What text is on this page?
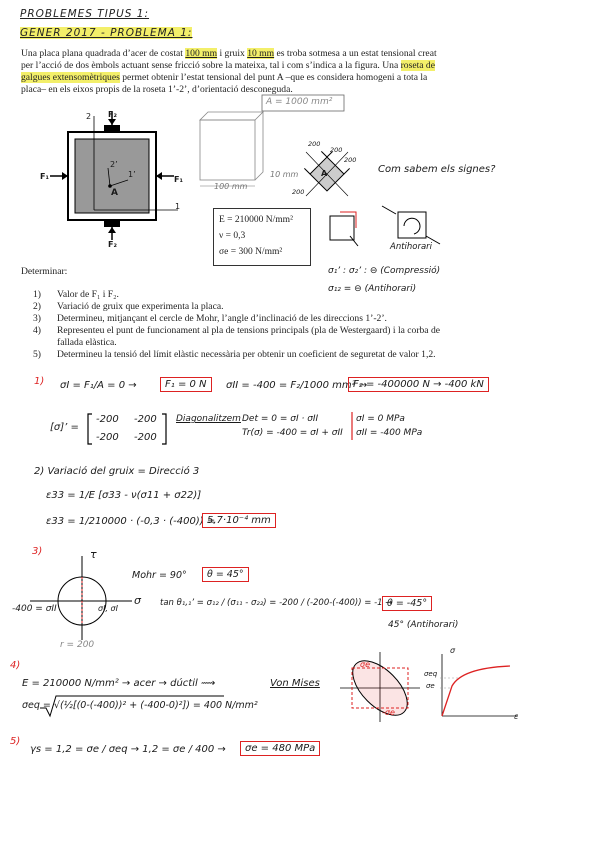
PROBLEMES TIPUS 1:
GENER 2017 - PROBLEMA 1:
Una placa plana quadrada d’acer de costat 100 mm i gruix 10 mm es troba sotmesa a un estat tensional creat per l’acció de dos èmbols actuant sense fricció sobre la mateixa, tal i com s’indica a la figura. Una roseta de galgues extensomètriques permet obtenir l’estat tensional del punt A –que es considera homogeni a tota la placa– en els eixos propis de la roseta 1’-2’, d’orientació desconeguda.
F₂
F₂
F₁	F₁
2
1
2’
1’
A
A = 1000 mm²
100 mm
10 mm
200
200
200
200
A	Com sabem els signes?
Antihorari
E = 210000 N/mm²
ν = 0,3
σe = 300 N/mm²
Determinar:
1)	Valor de F₁ i F₂.
2)	Variació de gruix que experimenta la placa.
3)	Determineu, mitjançant el cercle de Mohr, l’angle d’inclinació de les direccions 1’-2’.
4)	Representeu el punt de funcionament al pla de tensions principals (pla de Westergaard) i la corba de fallada elàstica.
5)	Determineu la tensió del límit elàstic necessària per obtenir un coeficient de seguretat de valor 1,2.
σ₁’ : σ₂’ : ⊖ (Compressió)
σ₁₂ = ⊖ (Antihorari)
1) σI = F₁/A = 0 →	F₁ = 0 N	σII = -400 = F₂/1000 mm² →
F₂ = -400000 N → -400 kN
[σ]’ =
-200 -200
-200 -200
Diagonalitzem Det = 0 = σI · σII
Tr(σ) = -400 = σI + σII
σI = 0 MPa
σII = -400 MPa
2) Variació del gruix = Direcció 3
ε33 = 1/E [σ33 - ν(σ11 + σ22)]
ε33 = 1/210000 · (-0,3 · (-400)) =
5,7·10⁻⁴ mm
3)	τ
σ
Mohr = 90°	θ = 45°
-400 = σII	σI, σI
r = 200
tan θ₁,₁’ = σ₁₂ / (σ₁₁ - σ₂₂) = -200 / (-200-(-400)) = -1 →
θ = -45°
45° (Antihorari)
4)
E = 210000 N/mm² → acer → dúctil ⟿	Von Mises
σeq = √(½[(0-(-400))² + (-400-0)²]) = 400 N/mm²
σe
-σe
σ
ε
σeq
σe
5)
γs = 1,2 = σe / σeq → 1,2 = σe / 400 →	σe = 480 MPa
